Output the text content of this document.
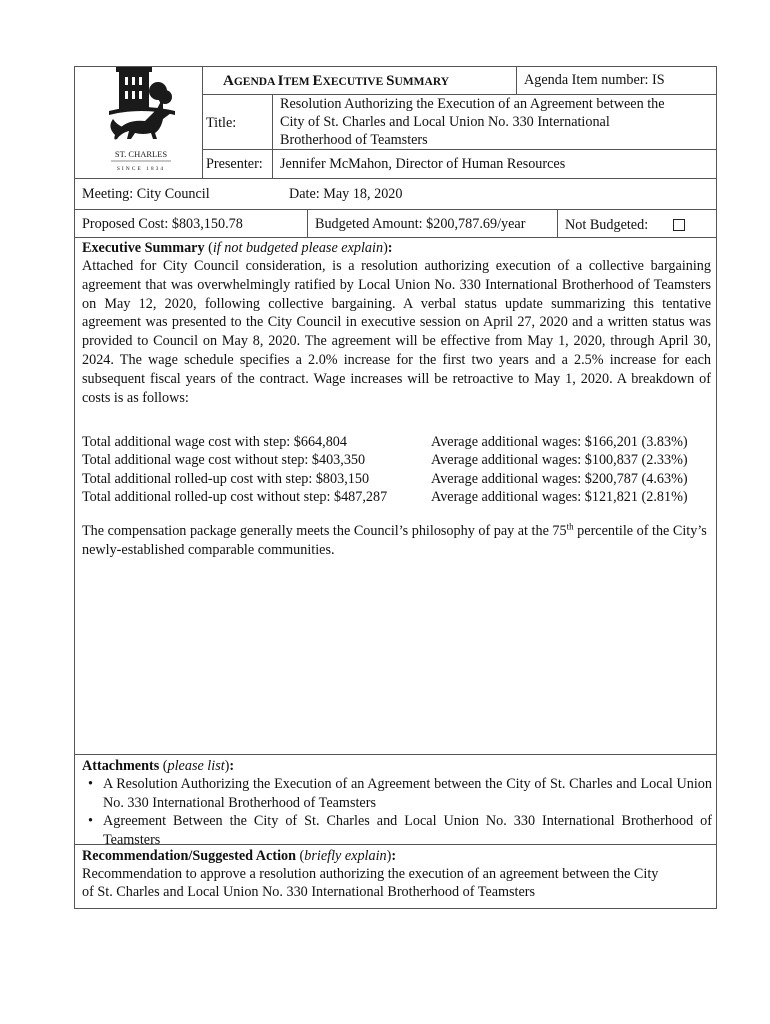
ST. CHARLES
SINCE 1834
AGENDA ITEM EXECUTIVE SUMMARY	Agenda Item number: IS
Title:
Resolution Authorizing the Execution of an Agreement between the
City of St. Charles and Local Union No. 330 International
Brotherhood of Teamsters
Presenter: Jennifer McMahon, Director of Human Resources
Meeting: City Council	Date: May 18, 2020
Proposed Cost: $803,150.78	Budgeted Amount: $200,787.69/year	Not Budgeted:
Executive Summary (if not budgeted please explain):
Attached for City Council consideration, is a resolution authorizing execution of a collective bargaining agreement that was overwhelmingly ratified by Local Union No. 330 International Brotherhood of Teamsters on May 12, 2020, following collective bargaining. A verbal status update summarizing this tentative agreement was presented to the City Council in executive session on April 27, 2020 and a written status was provided to Council on May 8, 2020. The agreement will be effective from May 1, 2020, through April 30, 2024. The wage schedule specifies a 2.0% increase for the first two years and a 2.5% increase for each subsequent fiscal years of the contract. Wage increases will be retroactive to May 1, 2020. A breakdown of costs is as follows:
Total additional wage cost with step: $664,804	Average additional wages: $166,201 (3.83%)
Total additional wage cost without step: $403,350	Average additional wages: $100,837 (2.33%)
Total additional rolled-up cost with step: $803,150	Average additional wages: $200,787 (4.63%)
Total additional rolled-up cost without step: $487,287	Average additional wages: $121,821 (2.81%)
The compensation package generally meets the Council’s philosophy of pay at the 75th percentile of the City’s newly-established comparable communities.
Attachments (please list):
• A Resolution Authorizing the Execution of an Agreement between the City of St. Charles and Local Union No. 330 International Brotherhood of Teamsters
• Agreement Between the City of St. Charles and Local Union No. 330 International Brotherhood of Teamsters
Recommendation/Suggested Action (briefly explain):
Recommendation to approve a resolution authorizing the execution of an agreement between the City
of St. Charles and Local Union No. 330 International Brotherhood of Teamsters
